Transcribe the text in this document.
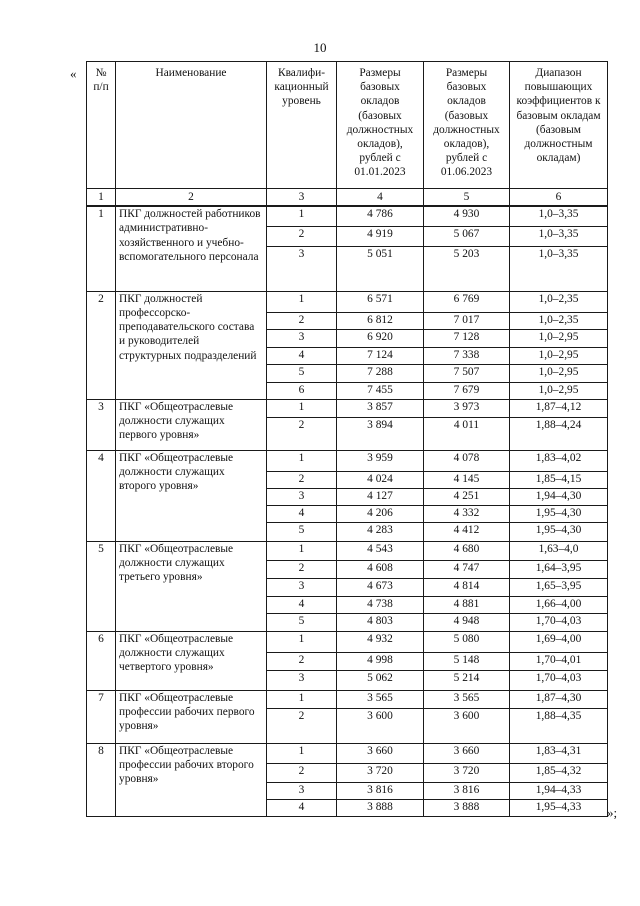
10
« № п/п	Наименование	Квалифи-кационный уровень	Размеры базовых окладов (базовых должностных окладов), рублей с 01.01.2023	Размеры базовых окладов (базовых должностных окладов), рублей с 01.06.2023	Диапазон повышающих коэффициентов к базовым окладам (базовым должностным окладам)
1	2	3	4	5	6
1	ПКГ должностей работников административно-хозяйственного и учебно-вспомогательного персонала	1	4 786	4 930	1,0–3,35
		2	4 919	5 067	1,0–3,35
		3	5 051	5 203	1,0–3,35
2	ПКГ должностей профессорско-преподавательского состава и руководителей структурных подразделений	1	6 571	6 769	1,0–2,35
		2	6 812	7 017	1,0–2,35
		3	6 920	7 128	1,0–2,95
		4	7 124	7 338	1,0–2,95
		5	7 288	7 507	1,0–2,95
		6	7 455	7 679	1,0–2,95
3	ПКГ «Общеотраслевые должности служащих первого уровня»	1	3 857	3 973	1,87–4,12
		2	3 894	4 011	1,88–4,24
4	ПКГ «Общеотраслевые должности служащих второго уровня»	1	3 959	4 078	1,83–4,02
		2	4 024	4 145	1,85–4,15
		3	4 127	4 251	1,94–4,30
		4	4 206	4 332	1,95–4,30
		5	4 283	4 412	1,95–4,30
5	ПКГ «Общеотраслевые должности служащих третьего уровня»	1	4 543	4 680	1,63–4,0
		2	4 608	4 747	1,64–3,95
		3	4 673	4 814	1,65–3,95
		4	4 738	4 881	1,66–4,00
		5	4 803	4 948	1,70–4,03
6	ПКГ «Общеотраслевые должности служащих четвертого уровня»	1	4 932	5 080	1,69–4,00
		2	4 998	5 148	1,70–4,01
		3	5 062	5 214	1,70–4,03
7	ПКГ «Общеотраслевые профессии рабочих первого уровня»	1	3 565	3 565	1,87–4,30
		2	3 600	3 600	1,88–4,35
8	ПКГ «Общеотраслевые профессии рабочих второго уровня»	1	3 660	3 660	1,83–4,31
		2	3 720	3 720	1,85–4,32
		3	3 816	3 816	1,94–4,33
		4	3 888	3 888	1,95–4,33 »;
